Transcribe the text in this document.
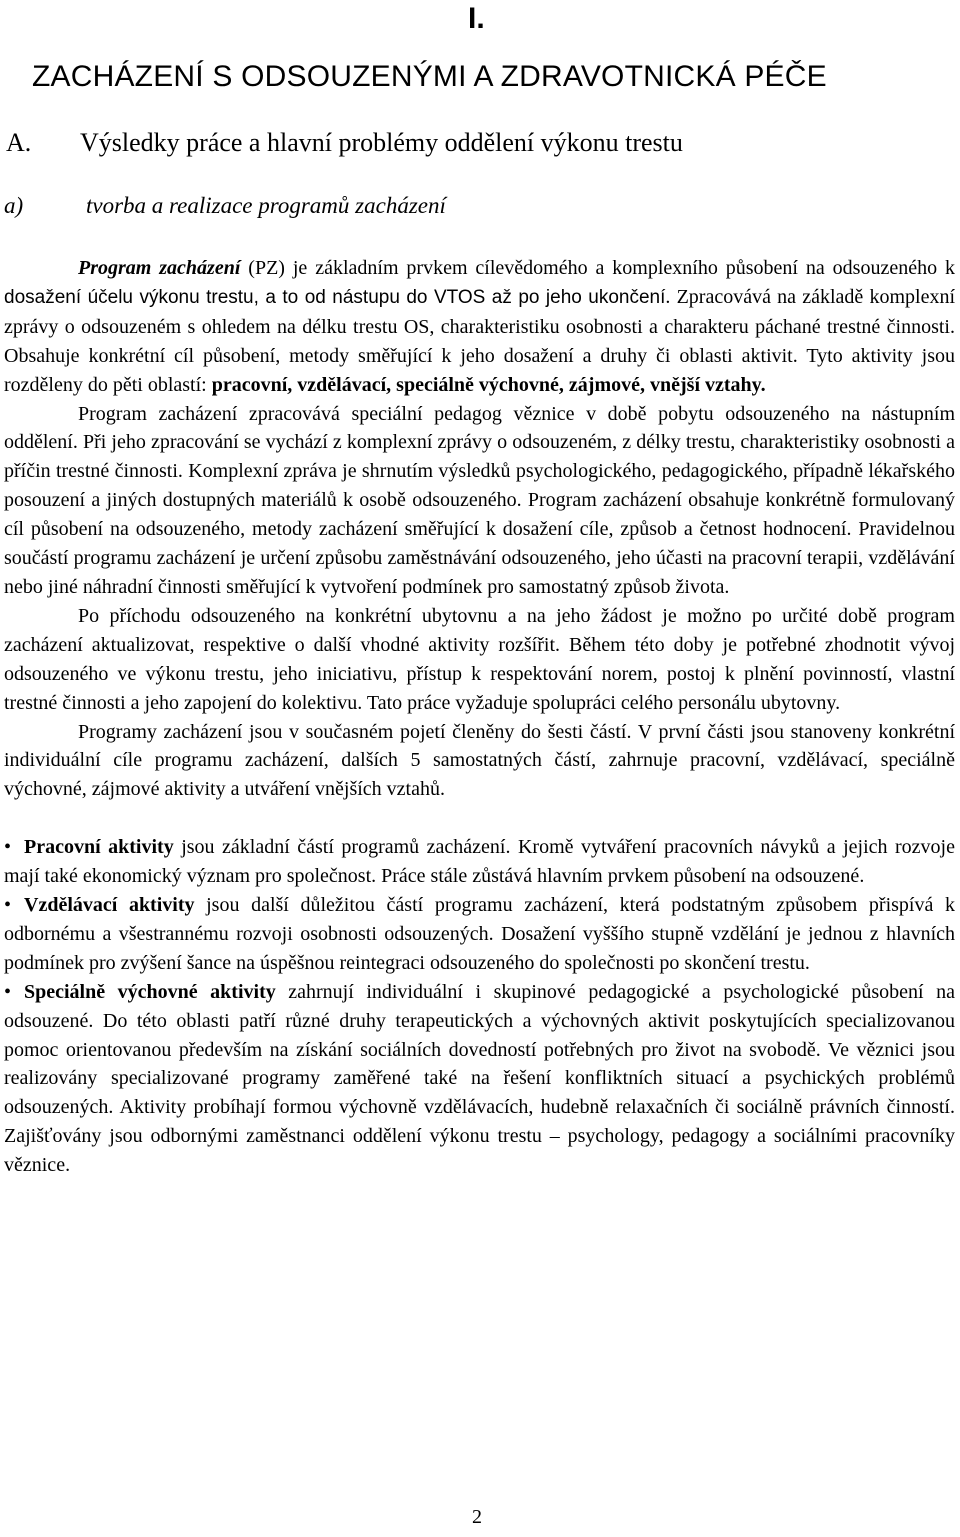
I.
ZACHÁZENÍ S ODSOUZENÝMI A ZDRAVOTNICKÁ PÉČE
A. Výsledky práce a hlavní problémy oddělení výkonu trestu
a)	tvorba a realizace programů zacházení

Program zacházení (PZ) je základním prvkem cílevědomého a komplexního působení na odsouzeného k dosažení účelu výkonu trestu, a to od nástupu do VTOS až po jeho ukončení. Zpracovává na základě komplexní zprávy o odsouzeném s ohledem na délku trestu OS, charakteristiku osobnosti a charakteru páchané trestné činnosti. Obsahuje konkrétní cíl působení, metody směřující k jeho dosažení a druhy či oblasti aktivit. Tyto aktivity jsou rozděleny do pěti oblastí: pracovní, vzdělávací, speciálně výchovné, zájmové, vnější vztahy.

Program zacházení zpracovává speciální pedagog věznice v době pobytu odsouzeného na nástupním oddělení. Při jeho zpracování se vychází z komplexní zprávy o odsouzeném, z délky trestu, charakteristiky osobnosti a příčin trestné činnosti. Komplexní zpráva je shrnutím výsledků psychologického, pedagogického, případně lékařského posouzení a jiných dostupných materiálů k osobě odsouzeného. Program zacházení obsahuje konkrétně formulovaný cíl působení na odsouzeného, metody zacházení směřující k dosažení cíle, způsob a četnost hodnocení. Pravidelnou součástí programu zacházení je určení způsobu zaměstnávání odsouzeného, jeho účasti na pracovní terapii, vzdělávání nebo jiné náhradní činnosti směřující k vytvoření podmínek pro samostatný způsob života.

Po příchodu odsouzeného na konkrétní ubytovnu a na jeho žádost je možno po určité době program zacházení aktualizovat, respektive o další vhodné aktivity rozšířit. Během této doby je potřebné zhodnotit vývoj odsouzeného ve výkonu trestu, jeho iniciativu, přístup k respektování norem, postoj k plnění povinností, vlastní trestné činnosti a jeho zapojení do kolektivu. Tato práce vyžaduje spolupráci celého personálu ubytovny.

Programy zacházení jsou v současném pojetí členěny do šesti částí. V první části jsou stanoveny konkrétní individuální cíle programu zacházení, dalších 5 samostatných částí, zahrnuje pracovní, vzdělávací, speciálně výchovné, zájmové aktivity a utváření vnějších vztahů.

• Pracovní aktivity jsou základní částí programů zacházení. Kromě vytváření pracovních návyků a jejich rozvoje mají také ekonomický význam pro společnost. Práce stále zůstává hlavním prvkem působení na odsouzené.

• Vzdělávací aktivity jsou další důležitou částí programu zacházení, která podstatným způsobem přispívá k odbornému a všestrannému rozvoji osobnosti odsouzených. Dosažení vyššího stupně vzdělání je jednou z hlavních podmínek pro zvýšení šance na úspěšnou reintegraci odsouzeného do společnosti po skončení trestu.

• Speciálně výchovné aktivity zahrnují individuální i skupinové pedagogické a psychologické působení na odsouzené. Do této oblasti patří různé druhy terapeutických a výchovných aktivit poskytujících specializovanou pomoc orientovanou především na získání sociálních dovedností potřebných pro život na svobodě. Ve věznici jsou realizovány specializované programy zaměřené také na řešení konfliktních situací a psychických problémů odsouzených. Aktivity probíhají formou výchovně vzdělávacích, hudebně relaxačních či sociálně právních činností. Zajišťovány jsou odbornými zaměstnanci oddělení výkonu trestu – psychology, pedagogy a sociálními pracovníky věznice.

2
